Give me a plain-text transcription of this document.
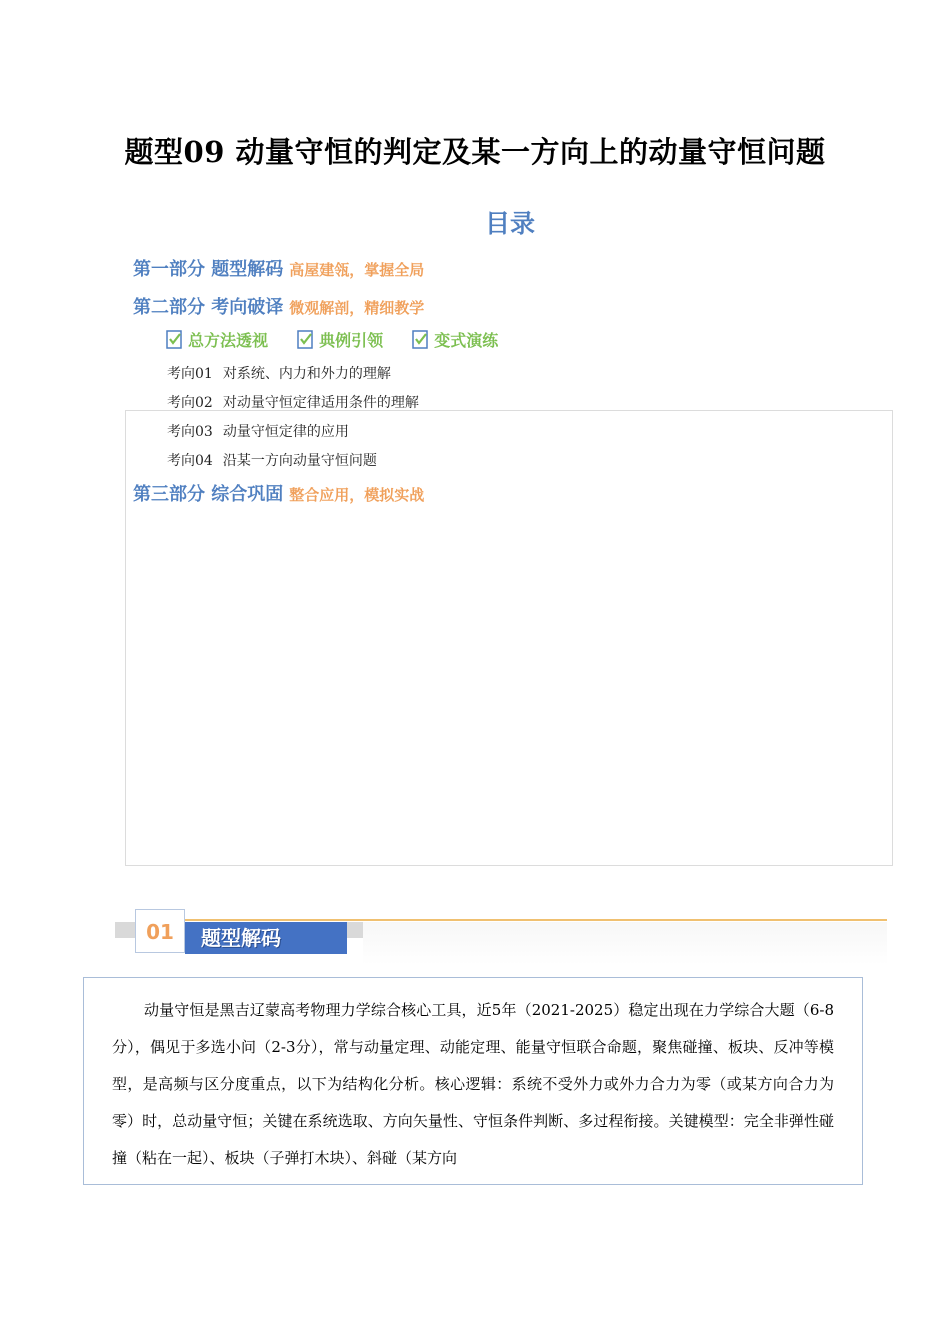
题型09 动量守恒的判定及某一方向上的动量守恒问题
目录
第一部分 题型解码 高屋建瓴，掌握全局
第二部分 考向破译 微观解剖，精细教学
总方法透视
	典例引领
	变式演练
考向01 对系统、内力和外力的理解
考向02 对动量守恒定律适用条件的理解
考向03 动量守恒定律的应用
考向04 沿某一方向动量守恒问题
第三部分 综合巩固 整合应用，模拟实战
题型解码
01
动量守恒是黑吉辽蒙高考物理力学综合核心工具，近5年（2021-2025）稳定出现在力学综合大题（6-8分），偶见于多选小问（2-3分），常与动量定理、动能定理、能量守恒联合命题，聚焦碰撞、板块、反冲等模型，是高频与区分度重点，以下为结构化分析。核心逻辑：系统不受外力或外力合力为零（或某方向合力为零）时，总动量守恒；关键在系统选取、方向矢量性、守恒条件判断、多过程衔接。关键模型：完全非弹性碰撞（粘在一起）、板块（子弹打木块）、斜碰（某方向
